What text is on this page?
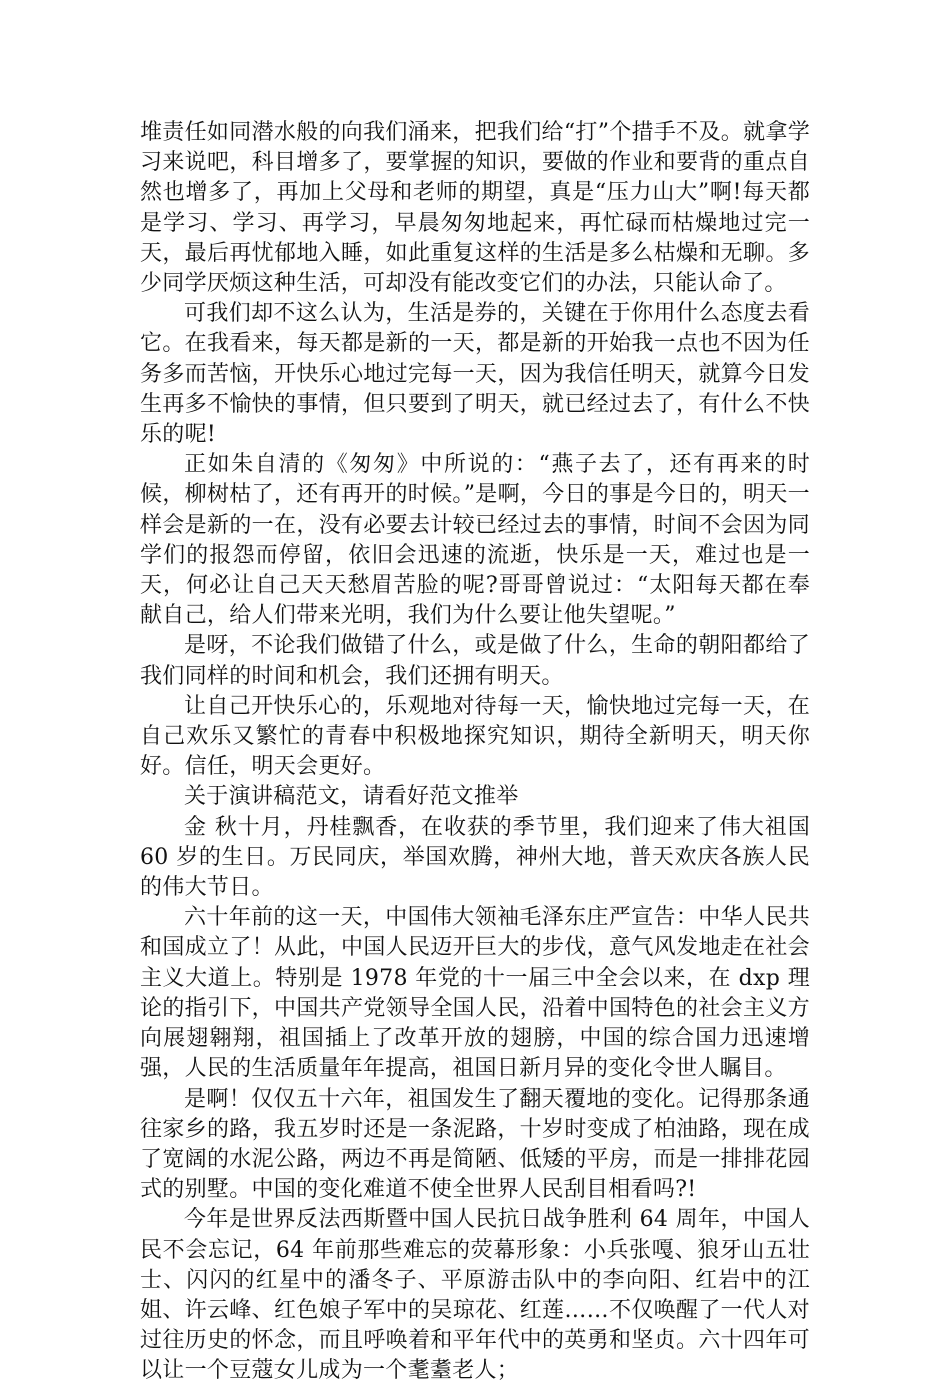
堆责任如同潜水般的向我们涌来，把我们给“打”个措手不及。就拿学习来说吧，科目增多了，要掌握的知识，要做的作业和要背的重点自然也增多了，再加上父母和老师的期望，真是“压力山大”啊!每天都是学习、学习、再学习，早晨匆匆地起来，再忙碌而枯燥地过完一天，最后再忧郁地入睡，如此重复这样的生活是多么枯燥和无聊。多少同学厌烦这种生活，可却没有能改变它们的办法，只能认命了。

可我们却不这么认为，生活是券的，关键在于你用什么态度去看它。在我看来，每天都是新的一天，都是新的开始我一点也不因为任务多而苦恼，开快乐心地过完每一天，因为我信任明天，就算今日发生再多不愉快的事情，但只要到了明天，就已经过去了，有什么不快乐的呢!

正如朱自清的《匆匆》中所说的：“燕子去了，还有再来的时候，柳树枯了，还有再开的时候。”是啊，今日的事是今日的，明天一样会是新的一在，没有必要去计较已经过去的事情，时间不会因为同学们的报怨而停留，依旧会迅速的流逝，快乐是一天，难过也是一天，何必让自己天天愁眉苦脸的呢?哥哥曾说过：“太阳每天都在奉献自己，给人们带来光明，我们为什么要让他失望呢。”

是呀，不论我们做错了什么，或是做了什么，生命的朝阳都给了我们同样的时间和机会，我们还拥有明天。

让自己开快乐心的，乐观地对待每一天，愉快地过完每一天，在自己欢乐又繁忙的青春中积极地探究知识，期待全新明天，明天你好。信任，明天会更好。

关于演讲稿范文，请看好范文推举

金 秋十月，丹桂飘香，在收获的季节里，我们迎来了伟大祖国 60 岁的生日。万民同庆，举国欢腾，神州大地，普天欢庆各族人民的伟大节日。

六十年前的这一天，中国伟大领袖毛泽东庄严宣告：中华人民共和国成立了！从此，中国人民迈开巨大的步伐，意气风发地走在社会主义大道上。特别是 1978 年党的十一届三中全会以来，在 dxp 理论的指引下，中国共产党领导全国人民，沿着中国特色的社会主义方向展翅翱翔，祖国插上了改革开放的翅膀，中国的综合国力迅速增强，人民的生活质量年年提高，祖国日新月异的变化令世人瞩目。

是啊！仅仅五十六年，祖国发生了翻天覆地的变化。记得那条通往家乡的路，我五岁时还是一条泥路，十岁时变成了柏油路，现在成了宽阔的水泥公路，两边不再是简陋、低矮的平房，而是一排排花园式的别墅。中国的变化难道不使全世界人民刮目相看吗?!

今年是世界反法西斯暨中国人民抗日战争胜利 64 周年，中国人民不会忘记，64 年前那些难忘的荧幕形象：小兵张嘎、狼牙山五壮士、闪闪的红星中的潘冬子、平原游击队中的李向阳、红岩中的江姐、许云峰、红色娘子军中的吴琼花、红莲……不仅唤醒了一代人对过往历史的怀念，而且呼唤着和平年代中的英勇和坚贞。六十四年可以让一个豆蔻女儿成为一个耄耋老人；
